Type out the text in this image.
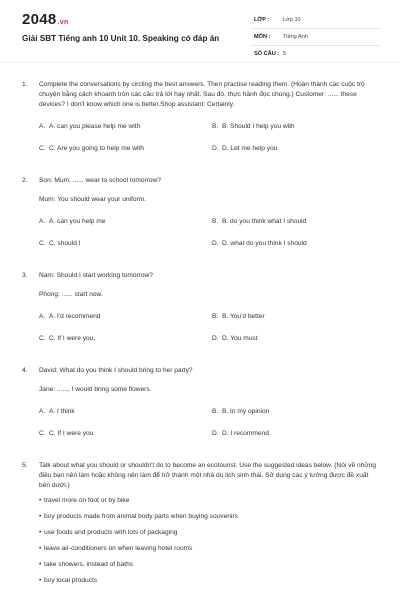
2048.vn
Giải SBT Tiếng anh 10 Unit 10. Speaking có đáp án
LỚP : Lớp 10
MÔN : Tiếng Anh
SỐ CÂU : 5
1. Complete the conversations by circling the best answers. Then practise reading them. (Hoàn thành các cuộc trò chuyện bằng cách khoanh tròn các câu trả lời hay nhất. Sau đó, thực hành đọc chúng.) Customer: ...... these devices? I don't know which one is better.Shop assistant: Certainly.

A. A. can you please help me with	B. B. Should I help you with
C. C. Are you going to help me with	D. D. Let me help you
2. Son: Mum, ...... wear to school tomorrow?

Mum: You should wear your uniform.

A. A. can you help me	B. B. do you think what I should
C. C. should I	D. D. what do you think I should
3. Nam: Should I start working tomorrow?

Phong: ...... start now.

A. A. I'd recommend	B. B. You'd better
C. C. If I were you,	D. D. You must
4. David: What do you think I should bring to her party?

Jane: ......, I would bring some flowers.

A. A. I think	B. B. In my opinion
C. C. If I were you	D. D. I recommend
5. Talk about what you should or shouldn't do to become an ecotourist. Use the suggested ideas below. (Nói về những điều bạn nên làm hoặc không nên làm để trở thành một nhà du lịch sinh thái. Sử dụng các ý tưởng được đề xuất bên dưới.)

• travel more on foot or by bike
• buy products made from animal body parts when buying souvenirs
• use foods and products with lots of packaging
• leave air-conditioners on when leaving hotel rooms
• take showers, instead of baths
• buy local products
